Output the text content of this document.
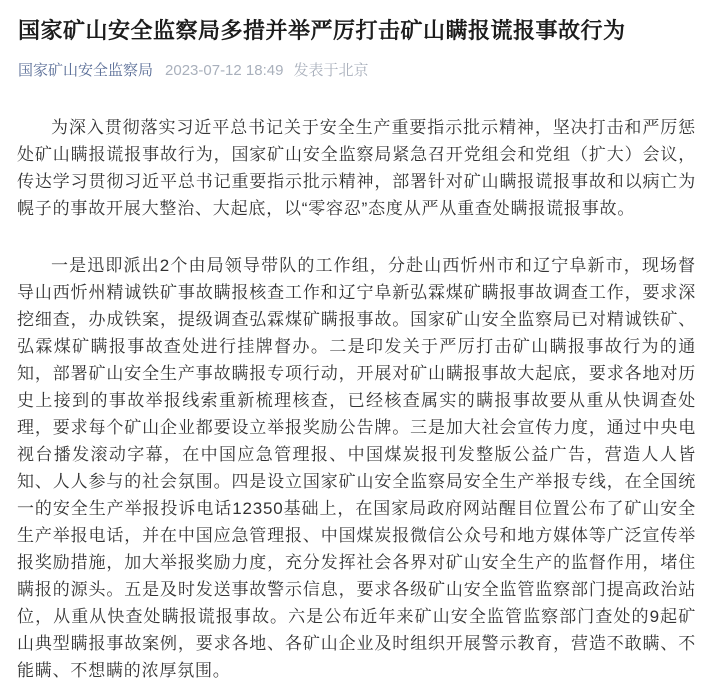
国家矿山安全监察局多措并举严厉打击矿山瞒报谎报事故行为
国家矿山安全监察局 2023-07-12 18:49 发表于北京

为深入贯彻落实习近平总书记关于安全生产重要指示批示精神，坚决打击和严厉惩处矿山瞒报谎报事故行为，国家矿山安全监察局紧急召开党组会和党组（扩大）会议，传达学习贯彻习近平总书记重要指示批示精神，部署针对矿山瞒报谎报事故和以病亡为幌子的事故开展大整治、大起底，以“零容忍”态度从严从重查处瞒报谎报事故。

一是迅即派出2个由局领导带队的工作组，分赴山西忻州市和辽宁阜新市，现场督导山西忻州精诚铁矿事故瞒报核查工作和辽宁阜新弘霖煤矿瞒报事故调查工作，要求深挖细查，办成铁案，提级调查弘霖煤矿瞒报事故。国家矿山安全监察局已对精诚铁矿、弘霖煤矿瞒报事故查处进行挂牌督办。二是印发关于严厉打击矿山瞒报事故行为的通知，部署矿山安全生产事故瞒报专项行动，开展对矿山瞒报事故大起底，要求各地对历史上接到的事故举报线索重新梳理核查，已经核查属实的瞒报事故要从重从快调查处理，要求每个矿山企业都要设立举报奖励公告牌。三是加大社会宣传力度，通过中央电视台播发滚动字幕，在中国应急管理报、中国煤炭报刊发整版公益广告，营造人人皆知、人人参与的社会氛围。四是设立国家矿山安全监察局安全生产举报专线，在全国统一的安全生产举报投诉电话12350基础上，在国家局政府网站醒目位置公布了矿山安全生产举报电话，并在中国应急管理报、中国煤炭报微信公众号和地方媒体等广泛宣传举报奖励措施，加大举报奖励力度，充分发挥社会各界对矿山安全生产的监督作用，堵住瞒报的源头。五是及时发送事故警示信息，要求各级矿山安全监管监察部门提高政治站位，从重从快查处瞒报谎报事故。六是公布近年来矿山安全监管监察部门查处的9起矿山典型瞒报事故案例，要求各地、各矿山企业及时组织开展警示教育，营造不敢瞒、不能瞒、不想瞒的浓厚氛围。
